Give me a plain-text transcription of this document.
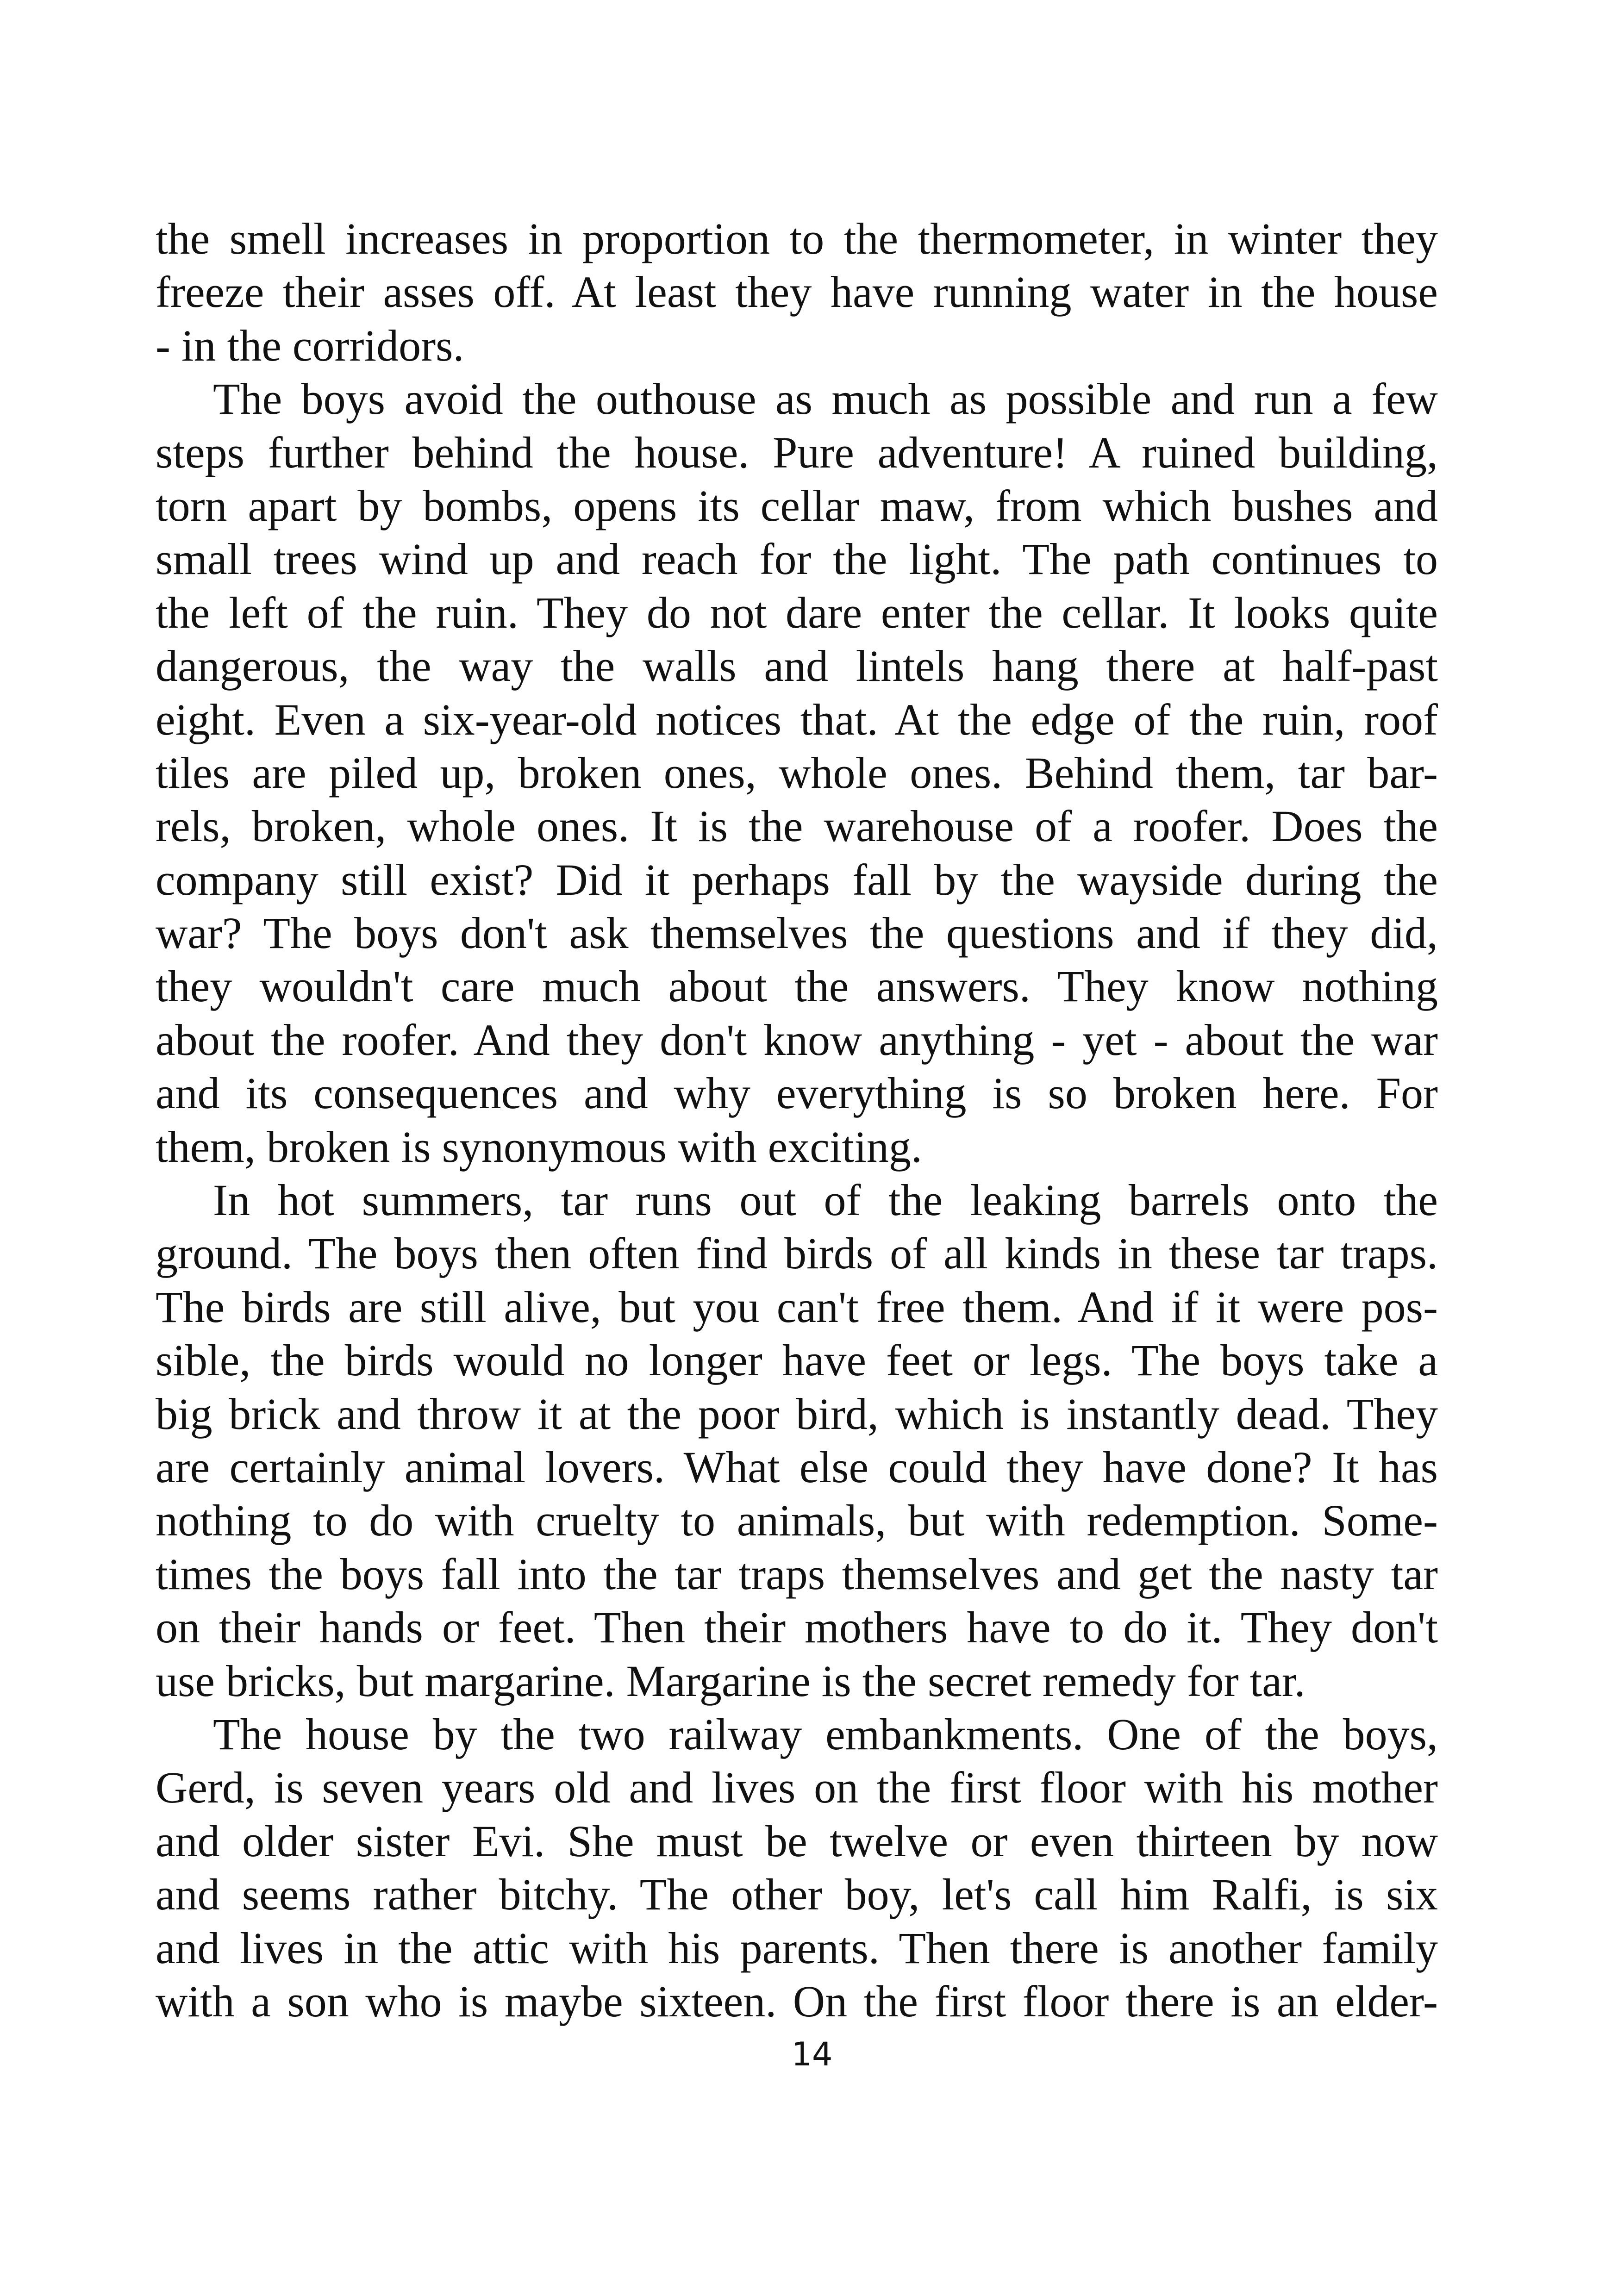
the smell increases in proportion to the thermometer, in winter they
freeze their asses off. At least they have running water in the house
- in the corridors.
The boys avoid the outhouse as much as possible and run a few
steps further behind the house. Pure adventure! A ruined building,
torn apart by bombs, opens its cellar maw, from which bushes and
small trees wind up and reach for the light. The path continues to
the left of the ruin. They do not dare enter the cellar. It looks quite
dangerous, the way the walls and lintels hang there at half-past
eight. Even a six-year-old notices that. At the edge of the ruin, roof
tiles are piled up, broken ones, whole ones. Behind them, tar bar-
rels, broken, whole ones. It is the warehouse of a roofer. Does the
company still exist? Did it perhaps fall by the wayside during the
war? The boys don't ask themselves the questions and if they did,
they wouldn't care much about the answers. They know nothing
about the roofer. And they don't know anything - yet - about the war
and its consequences and why everything is so broken here. For
them, broken is synonymous with exciting.
In hot summers, tar runs out of the leaking barrels onto the
ground. The boys then often find birds of all kinds in these tar traps.
The birds are still alive, but you can't free them. And if it were pos-
sible, the birds would no longer have feet or legs. The boys take a
big brick and throw it at the poor bird, which is instantly dead. They
are certainly animal lovers. What else could they have done? It has
nothing to do with cruelty to animals, but with redemption. Some-
times the boys fall into the tar traps themselves and get the nasty tar
on their hands or feet. Then their mothers have to do it. They don't
use bricks, but margarine. Margarine is the secret remedy for tar.
The house by the two railway embankments. One of the boys,
Gerd, is seven years old and lives on the first floor with his mother
and older sister Evi. She must be twelve or even thirteen by now
and seems rather bitchy. The other boy, let's call him Ralfi, is six
and lives in the attic with his parents. Then there is another family
with a son who is maybe sixteen. On the first floor there is an elder-
14
